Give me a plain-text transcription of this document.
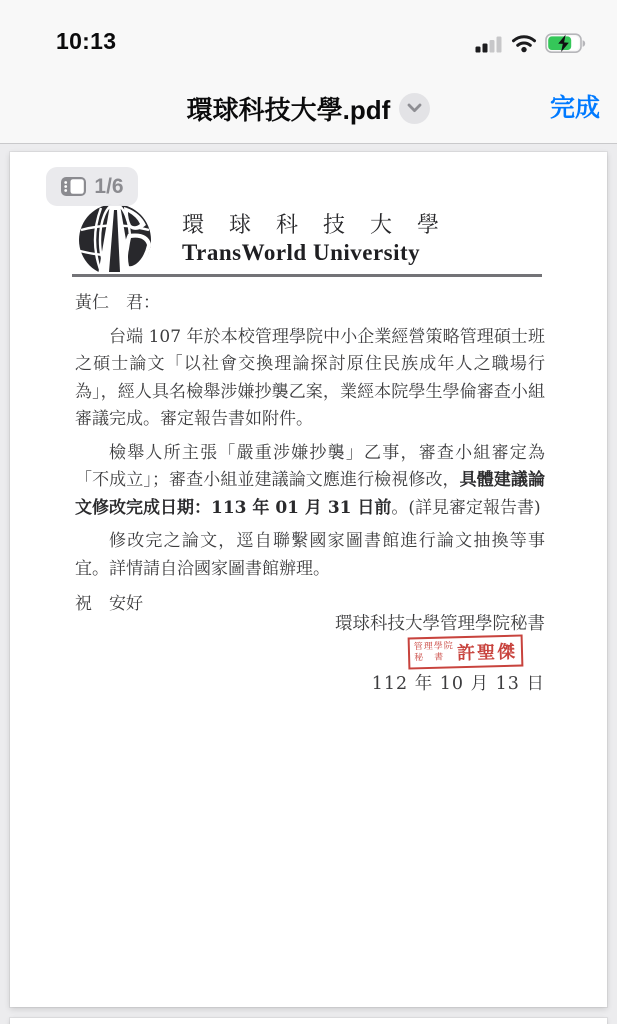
10:13
環球科技大學.pdf	完成
環 球 科 技 大 學
TransWorld University

黃仁　君：

台端 107 年於本校管理學院中小企業經營策略管理碩士班之碩士論文「以社會交換理論探討原住民族成年人之職場行為」，經人具名檢舉涉嫌抄襲乙案，業經本院學生學倫審查小組審議完成。審定報告書如附件。

檢舉人所主張「嚴重涉嫌抄襲」乙事，審查小組審定為「不成立」；審查小組並建議論文應進行檢視修改，具體建議論文修改完成日期：113 年 01 月 31 日前。(詳見審定報告書)

修改完之論文，逕自聯繫國家圖書館進行論文抽換等事宜。詳情請自洽國家圖書館辦理。

祝　安好

環球科技大學管理學院秘書
管理學院
秘　書 許聖傑
112 年 10 月 13 日
1/6
